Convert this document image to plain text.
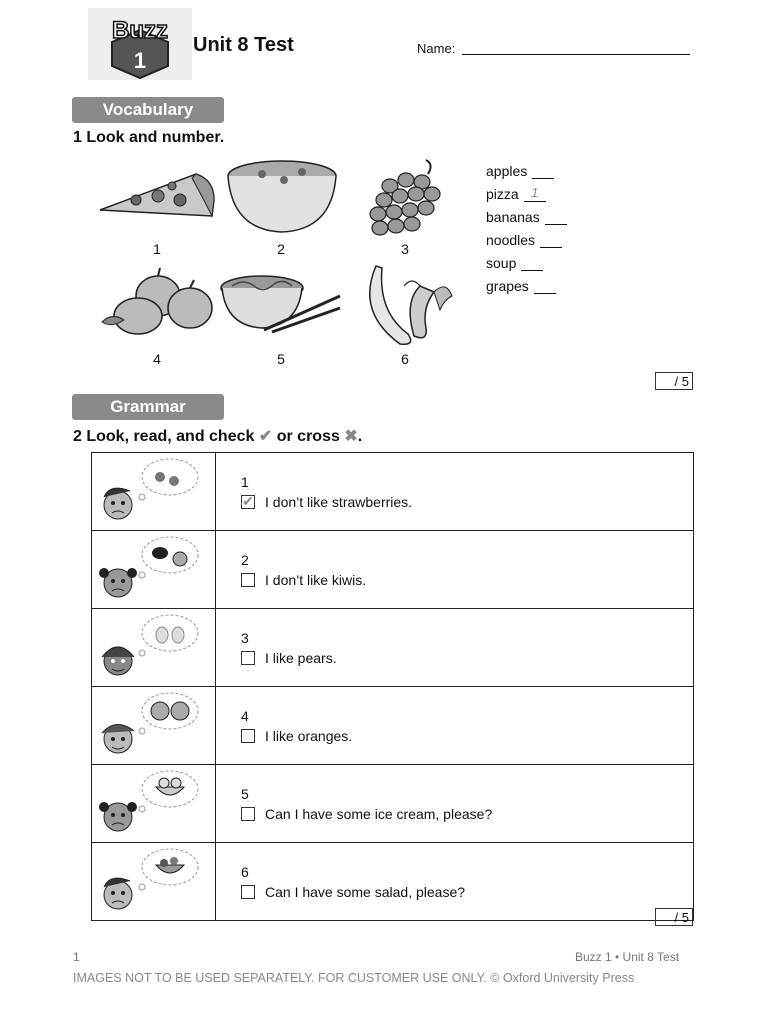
Buzz
1
Unit 8 Test	Name:
Vocabulary
1 Look and number.
1	2	3
4	5	6
apples
pizza 1
bananas
noodles
soup
grapes
/ 5
Grammar
2 Look, read, and check ✔ or cross ✖.

1
✔ I don’t like strawberries.

2
I don’t like kiwis.

3
I like pears.

4
I like oranges.

5
Can I have some ice cream, please?

6
Can I have some salad, please?
/ 5
1	Buzz 1 • Unit 8 Test
IMAGES NOT TO BE USED SEPARATELY. FOR CUSTOMER USE ONLY. © Oxford University Press
